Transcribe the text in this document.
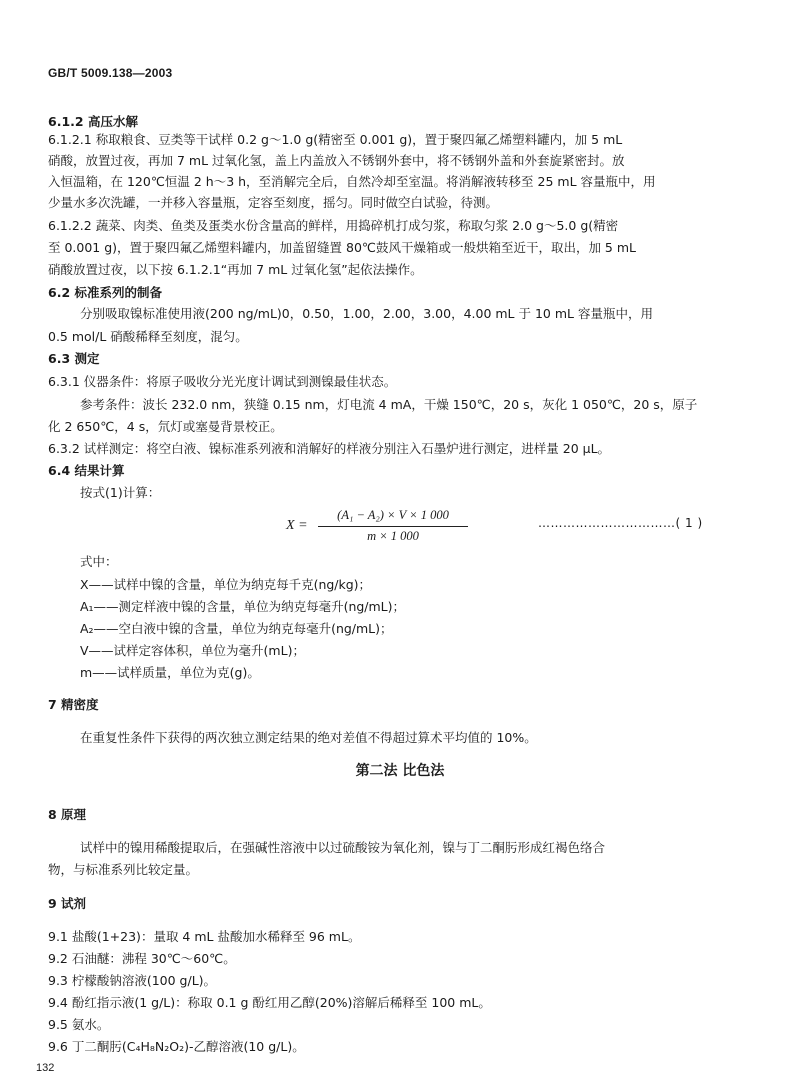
GB/T 5009.138—2003
6.1.2 高压水解
6.1.2.1 称取粮食、豆类等干试样 0.2 g～1.0 g(精密至 0.001 g)，置于聚四氟乙烯塑料罐内，加 5 mL
硝酸，放置过夜，再加 7 mL 过氧化氢，盖上内盖放入不锈钢外套中，将不锈钢外盖和外套旋紧密封。放
入恒温箱，在 120℃恒温 2 h～3 h，至消解完全后，自然冷却至室温。将消解液转移至 25 mL 容量瓶中，用
少量水多次洗罐，一并移入容量瓶，定容至刻度，摇匀。同时做空白试验，待测。
6.1.2.2 蔬菜、肉类、鱼类及蛋类水份含量高的鲜样，用捣碎机打成匀浆，称取匀浆 2.0 g～5.0 g(精密
至 0.001 g)，置于聚四氟乙烯塑料罐内，加盖留缝置 80℃鼓风干燥箱或一般烘箱至近干，取出，加 5 mL
硝酸放置过夜，以下按 6.1.2.1“再加 7 mL 过氧化氢”起依法操作。
6.2 标准系列的制备
分别吸取镍标准使用液(200 ng/mL)0，0.50，1.00，2.00，3.00，4.00 mL 于 10 mL 容量瓶中，用
0.5 mol/L 硝酸稀释至刻度，混匀。
6.3 测定
6.3.1 仪器条件：将原子吸收分光光度计调试到测镍最佳状态。
参考条件：波长 232.0 nm，狭缝 0.15 nm，灯电流 4 mA，干燥 150℃，20 s，灰化 1 050℃，20 s，原子
化 2 650℃，4 s，氘灯或塞曼背景校正。
6.3.2 试样测定：将空白液、镍标准系列液和消解好的样液分别注入石墨炉进行测定，进样量 20 μL。
6.4 结果计算
按式(1)计算：
X =
(A₁ − A₂) × V × 1 000
m × 1 000
……………………………( 1 )
式中：
X——试样中镍的含量，单位为纳克每千克(ng/kg)；
A₁——测定样液中镍的含量，单位为纳克每毫升(ng/mL)；
A₂——空白液中镍的含量，单位为纳克每毫升(ng/mL)；
V——试样定容体积，单位为毫升(mL)；
m——试样质量，单位为克(g)。
7 精密度
在重复性条件下获得的两次独立测定结果的绝对差值不得超过算术平均值的 10%。
第二法 比色法
8 原理
试样中的镍用稀酸提取后，在强碱性溶液中以过硫酸铵为氧化剂，镍与丁二酮肟形成红褐色络合
物，与标准系列比较定量。
9 试剂
9.1 盐酸(1+23)：量取 4 mL 盐酸加水稀释至 96 mL。
9.2 石油醚：沸程 30℃～60℃。
9.3 柠檬酸钠溶液(100 g/L)。
9.4 酚红指示液(1 g/L)：称取 0.1 g 酚红用乙醇(20%)溶解后稀释至 100 mL。
9.5 氨水。
9.6 丁二酮肟(C₄H₈N₂O₂)-乙醇溶液(10 g/L)。
132
